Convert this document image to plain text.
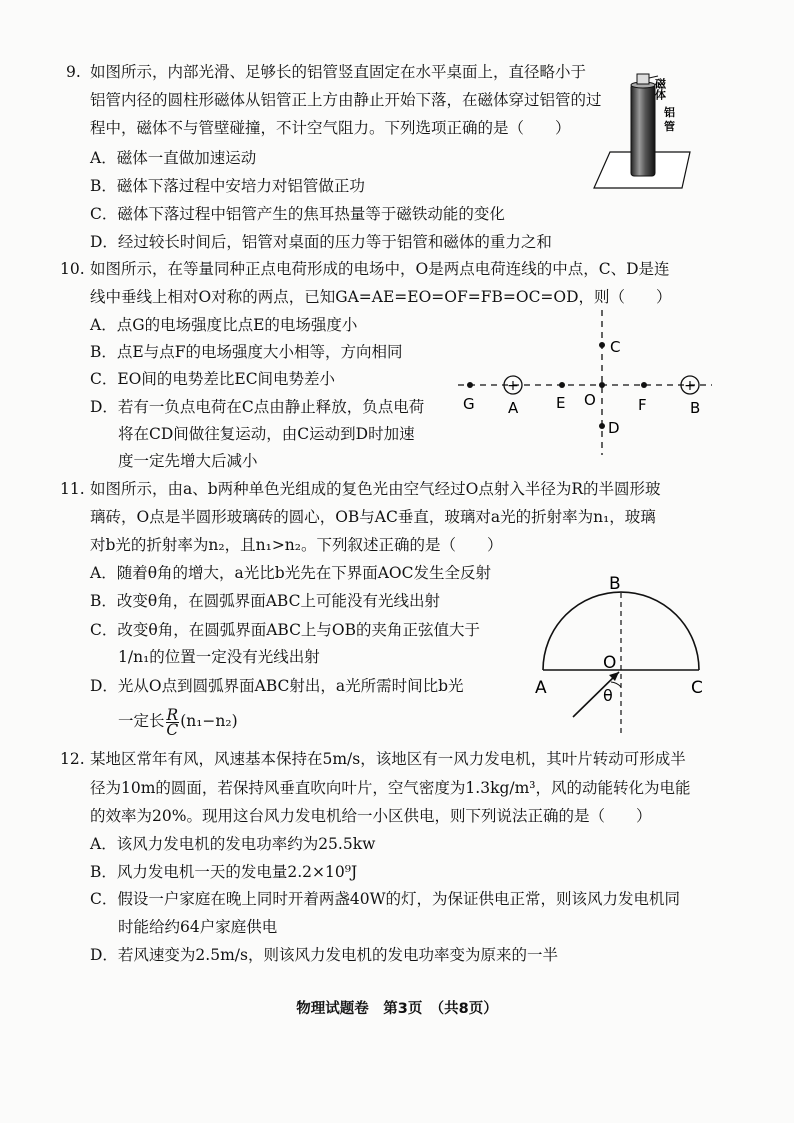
9. 如图所示，内部光滑、足够长的铝管竖直固定在水平桌面上，直径略小于
铝管内径的圆柱形磁体从铝管正上方由静止开始下落，在磁体穿过铝管的过
程中，磁体不与管壁碰撞，不计空气阻力。下列选项正确的是（　　）
A．磁体一直做加速运动
B．磁体下落过程中安培力对铝管做正功
C．磁体下落过程中铝管产生的焦耳热量等于磁铁动能的变化
D．经过较长时间后，铝管对桌面的压力等于铝管和磁体的重力之和
磁体
铝
管
10. 如图所示，在等量同种正点电荷形成的电场中，O是两点电荷连线的中点，C、D是连
线中垂线上相对O对称的两点，已知GA=AE=EO=OF=FB=OC=OD，则（　　）
A．点G的电场强度比点E的电场强度小
B．点E与点F的电场强度大小相等，方向相同
C．EO间的电势差比EC间电势差小
D．若有一负点电荷在C点由静止释放，负点电荷
将在CD间做往复运动，由C运动到D时加速
度一定先增大后减小
+	+
G A	E O	F	B
C
D
11. 如图所示，由a、b两种单色光组成的复色光由空气经过O点射入半径为R的半圆形玻
璃砖，O点是半圆形玻璃砖的圆心，OB与AC垂直，玻璃对a光的折射率为n₁，玻璃
对b光的折射率为n₂，且n₁>n₂。下列叙述正确的是（　　）
A．随着θ角的增大，a光比b光先在下界面AOC发生全反射
B．改变θ角，在圆弧界面ABC上可能没有光线出射
C．改变θ角，在圆弧界面ABC上与OB的夹角正弦值大于
1/n₁的位置一定没有光线出射
D．光从O点到圆弧界面ABC射出，a光所需时间比b光
一定长 $\frac{R}{C} (n_1-n_2)$
B
O
A	C
θ
12. 某地区常年有风，风速基本保持在5m/s，该地区有一风力发电机，其叶片转动可形成半
径为10m的圆面，若保持风垂直吹向叶片，空气密度为1.3kg/m³，风的动能转化为电能
的效率为20%。现用这台风力发电机给一小区供电，则下列说法正确的是（　　）
A．该风力发电机的发电功率约为25.5kw
B．风力发电机一天的发电量2.2×10⁹J
C．假设一户家庭在晚上同时开着两盏40W的灯，为保证供电正常，则该风力发电机同
时能给约64户家庭供电
D．若风速变为2.5m/s，则该风力发电机的发电功率变为原来的一半
物理试题卷　第3页　（共8页）
